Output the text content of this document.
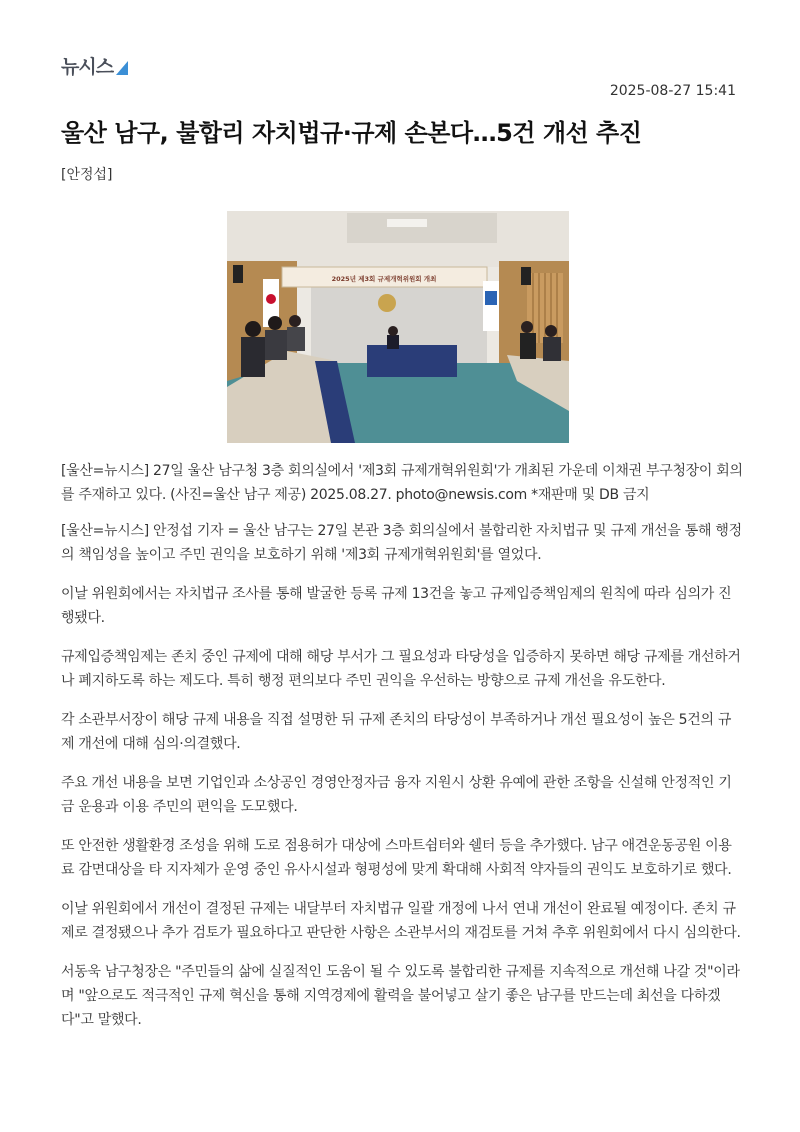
뉴시스
2025-08-27 15:41
울산 남구, 불합리 자치법규·규제 손본다…5건 개선 추진
[안정섭]
2025년 제3회 규제개혁위원회 개최

[울산=뉴시스] 27일 울산 남구청 3층 회의실에서 '제3회 규제개혁위원회'가 개최된 가운데 이채권 부구청장이 회의를 주재하고 있다. (사진=울산 남구 제공) 2025.08.27. photo@newsis.com *재판매 및 DB 금지

[울산=뉴시스] 안정섭 기자 = 울산 남구는 27일 본관 3층 회의실에서 불합리한 자치법규 및 규제 개선을 통해 행정의 책임성을 높이고 주민 권익을 보호하기 위해 '제3회 규제개혁위원회'를 열었다.

이날 위원회에서는 자치법규 조사를 통해 발굴한 등록 규제 13건을 놓고 규제입증책임제의 원칙에 따라 심의가 진행됐다.

규제입증책임제는 존치 중인 규제에 대해 해당 부서가 그 필요성과 타당성을 입증하지 못하면 해당 규제를 개선하거나 폐지하도록 하는 제도다. 특히 행정 편의보다 주민 권익을 우선하는 방향으로 규제 개선을 유도한다.

각 소관부서장이 해당 규제 내용을 직접 설명한 뒤 규제 존치의 타당성이 부족하거나 개선 필요성이 높은 5건의 규제 개선에 대해 심의·의결했다.

주요 개선 내용을 보면 기업인과 소상공인 경영안정자금 융자 지원시 상환 유예에 관한 조항을 신설해 안정적인 기금 운용과 이용 주민의 편익을 도모했다.

또 안전한 생활환경 조성을 위해 도로 점용허가 대상에 스마트쉼터와 쉘터 등을 추가했다. 남구 애견운동공원 이용료 감면대상을 타 지자체가 운영 중인 유사시설과 형평성에 맞게 확대해 사회적 약자들의 권익도 보호하기로 했다.

이날 위원회에서 개선이 결정된 규제는 내달부터 자치법규 일괄 개정에 나서 연내 개선이 완료될 예정이다. 존치 규제로 결정됐으나 추가 검토가 필요하다고 판단한 사항은 소관부서의 재검토를 거쳐 추후 위원회에서 다시 심의한다.

서동욱 남구청장은 "주민들의 삶에 실질적인 도움이 될 수 있도록 불합리한 규제를 지속적으로 개선해 나갈 것"이라며 "앞으로도 적극적인 규제 혁신을 통해 지역경제에 활력을 불어넣고 살기 좋은 남구를 만드는데 최선을 다하겠다"고 말했다.
